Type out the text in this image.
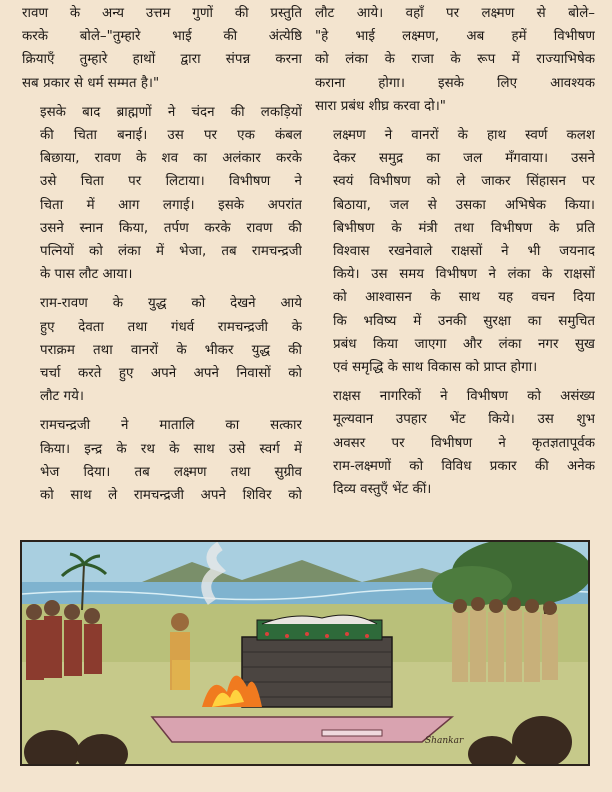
रावण के अन्य उत्तम गुणों की प्रस्तुति
करके बोले–"तुम्हारे भाई की अंत्येष्ठि
क्रियाएँ तुम्हारे हाथों द्वारा संपन्न करना
सब प्रकार से धर्म सम्मत है।"

इसके बाद ब्राह्मणों ने चंदन की लकड़ियों
की चिता बनाई। उस पर एक कंबल
बिछाया, रावण के शव का अलंकार करके
उसे चिता पर लिटाया। विभीषण ने
चिता में आग लगाई। इसके अपरांत
उसने स्नान किया, तर्पण करके रावण की
पत्नियों को लंका में भेजा, तब रामचन्द्रजी
के पास लौट आया।

राम-रावण के युद्ध को देखने आये
हुए देवता तथा गंधर्व रामचन्द्रजी के
पराक्रम तथा वानरों के भीकर युद्ध की
चर्चा करते हुए अपने अपने निवासों को
लौट गये।

रामचन्द्रजी ने मातालि का सत्कार
किया। इन्द्र के रथ के साथ उसे स्वर्ग में
भेज दिया। तब लक्ष्मण तथा सुग्रीव
को साथ ले रामचन्द्रजी अपने शिविर को

लौट आये। वहाँ पर लक्ष्मण से बोले–
"हे भाई लक्ष्मण, अब हमें विभीषण
को लंका के राजा के रूप में राज्याभिषेक
कराना होगा। इसके लिए आवश्यक
सारा प्रबंध शीघ्र करवा दो।"

लक्ष्मण ने वानरों के हाथ स्वर्ण कलश
देकर समुद्र का जल मँगवाया। उसने
स्वयं विभीषण को ले जाकर सिंहासन पर
बिठाया, जल से उसका अभिषेक किया।
बिभीषण के मंत्री तथा विभीषण के प्रति
विश्वास रखनेवाले राक्षसों ने भी जयनाद
किये। उस समय विभीषण ने लंका के राक्षसों
को आश्वासन के साथ यह वचन दिया
कि भविष्य में उनकी सुरक्षा का समुचित
प्रबंध किया जाएगा और लंका नगर सुख
एवं समृद्धि के साथ विकास को प्राप्त होगा।

राक्षस नागरिकों ने विभीषण को असंख्य
मूल्यवान उपहार भेंट किये। उस शुभ
अवसर पर विभीषण ने कृतज्ञतापूर्वक
राम-लक्ष्मणों को विविध प्रकार की अनेक
दिव्य वस्तुएँ भेंट कीं।

Shankar
